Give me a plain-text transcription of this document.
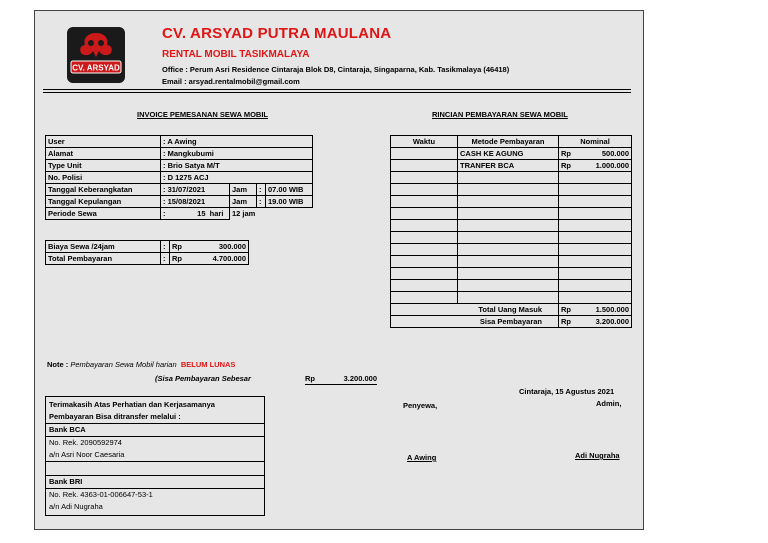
CV. ARSYAD
CV. ARSYAD PUTRA MAULANA
RENTAL MOBIL TASIKMALAYA
Office : Perum Asri Residence Cintaraja Blok D8, Cintaraja, Singaparna, Kab. Tasikmalaya (46418)
Email : arsyad.rentalmobil@gmail.com
INVOICE PEMESANAN SEWA MOBIL
User	: A Awing			
Alamat	: Mangkubumi			
Type Unit	: Brio Satya M/T			
No. Polisi	: D 1275 ACJ			
Tanggal Keberangkatan	: 31/07/2021	Jam	:	07.00 WIB
Tanggal Kepulangan	: 15/08/2021	Jam	:	19.00 WIB
Periode Sewa	: 15 hari	12 jam		
Biaya Sewa /24jam	:	Rp	300.000
Total Pembayaran	:	Rp	4.700.000
RINCIAN PEMBAYARAN SEWA MOBIL
Waktu	Metode Pembayaran	Nominal	
	CASH KE AGUNG	Rp	500.000
	TRANFER BCA	Rp	1.000.000

Total Uang Masuk		Rp	1.500.000
Sisa Pembayaran		Rp	3.200.000
Note : Pembayaran Sewa Mobil harian BELUM LUNAS
(Sisa Pembayaran Sebesar	Rp	3.200.000
Terimakasih Atas Perhatian dan Kerjasamanya
Pembayaran Bisa ditransfer melalui :
Bank BCA
No. Rek. 2090592974
a/n Asri Noor Caesaria
Bank BRI
No. Rek. 4363-01-006647-53-1
a/n Adi Nugraha
Cintaraja, 15 Agustus 2021
Penyewa,	Admin,
A Awing	Adi Nugraha
